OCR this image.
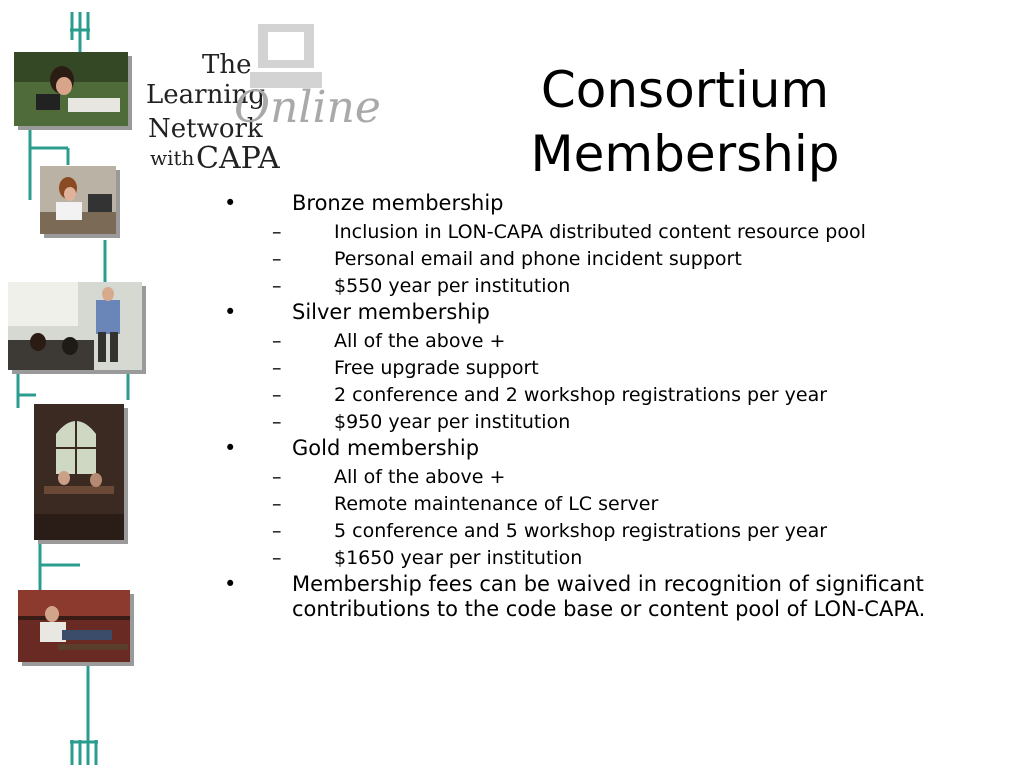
The
Learning
Network
with CAPA
Online	Consortium
Membership
•	Bronze membership
–	Inclusion in LON-CAPA distributed content resource pool
–	Personal email and phone incident support
–	$550 year per institution
•	Silver membership
–	All of the above +
–	Free upgrade support
–	2 conference and 2 workshop registrations per year
–	$950 year per institution
•	Gold membership
–	All of the above +
–	Remote maintenance of LC server
–	5 conference and 5 workshop registrations per year
–	$1650 year per institution
•	Membership fees can be waived in recognition of significant contributions to the code base or content pool of LON-CAPA.
